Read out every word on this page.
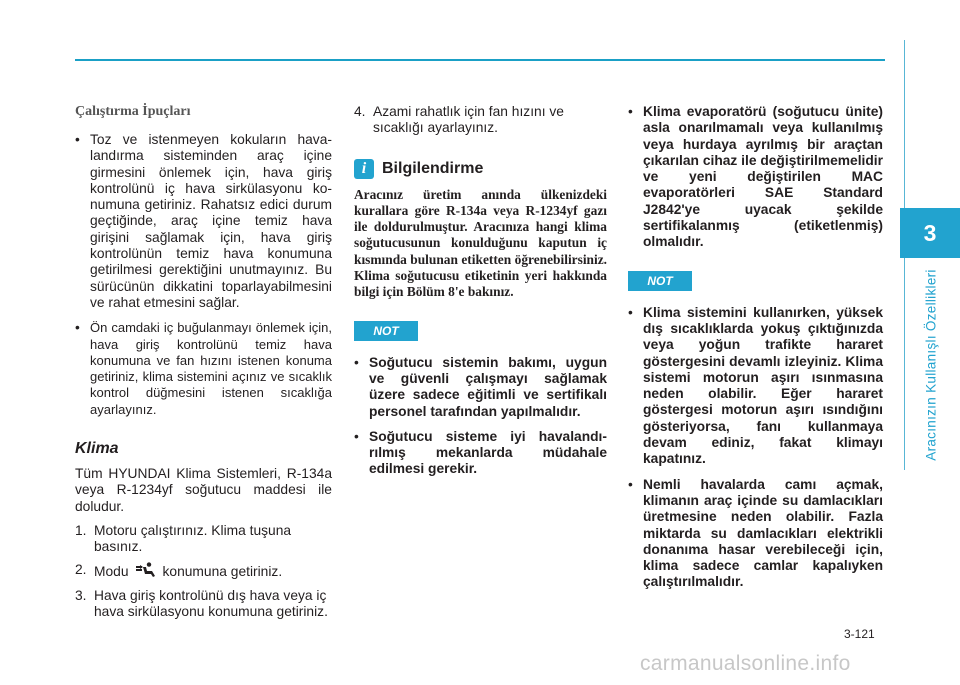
3
Aracınızın Kullanışlı Özellikleri
Çalıştırma İpuçları
• Toz ve istenmeyen kokuların havalandırma sisteminden araç içine girmesini önlemek için, hava giriş kontrolünü iç hava sirkülasyonu konumuna getiriniz. Rahatsız edici durum geçtiğinde, araç içine temiz hava girişini sağlamak için, hava giriş kontrolünün temiz hava konumuna getirilmesi gerektiğini unutmayınız. Bu sürücünün dikkatini toparlayabilmesini ve rahat etmesini sağlar.
• Ön camdaki iç buğulanmayı önlemek için, hava giriş kontrolünü temiz hava konumuna ve fan hızını istenen konuma getiriniz, klima sistemini açınız ve sıcaklık kontrol düğmesini istenen sıcaklığa ayarlayınız.
Klima
Tüm HYUNDAI Klima Sistemleri, R-134a veya R-1234yf soğutucu maddesi ile doludur.
1. Motoru çalıştırınız. Klima tuşuna basınız.
2. Modu konumuna getiriniz.
3. Hava giriş kontrolünü dış hava veya iç hava sirkülasyonu konumuna getiriniz.
4. Azami rahatlık için fan hızını ve sıcaklığı ayarlayınız.
i Bilgilendirme
Aracınız üretim anında ülkenizdeki kurallara göre R-134a veya R-1234yf gazı ile doldurulmuştur. Aracınıza hangi klima soğutucusunun konulduğunu kaputun iç kısmında bulunan etiketten öğrenebilirsiniz. Klima soğutucusu etiketinin yeri hakkında bilgi için Bölüm 8'e bakınız.
NOT
• Soğutucu sistemin bakımı, uygun ve güvenli çalışmayı sağlamak üzere sadece eğitimli ve sertifikalı personel tarafından yapılmalıdır.
• Soğutucu sisteme iyi havalandırılmış mekanlarda müdahale edilmesi gerekir.
• Klima evaporatörü (soğutucu ünite) asla onarılmamalı veya kullanılmış veya hurdaya ayrılmış bir araçtan çıkarılan cihaz ile değiştirilmemelidir ve yeni değiştirilen MAC evaporatörleri SAE Standard J2842'ye uyacak şekilde sertifikalanmış (etiketlenmiş) olmalıdır.
NOT
• Klima sistemini kullanırken, yüksek dış sıcaklıklarda yokuş çıktığınızda veya yoğun trafikte hararet göstergesini devamlı izleyiniz. Klima sistemi motorun aşırı ısınmasına neden olabilir. Eğer hararet göstergesi motorun aşırı ısındığını gösteriyorsa, fanı kullanmaya devam ediniz, fakat klimayı kapatınız.
• Nemli havalarda camı açmak, klimanın araç içinde su damlacıkları üretmesine neden olabilir. Fazla miktarda su damlacıkları elektrikli donanıma hasar verebileceği için, klima sadece camlar kapalıyken çalıştırılmalıdır.
3-121
carmanualsonline.info
